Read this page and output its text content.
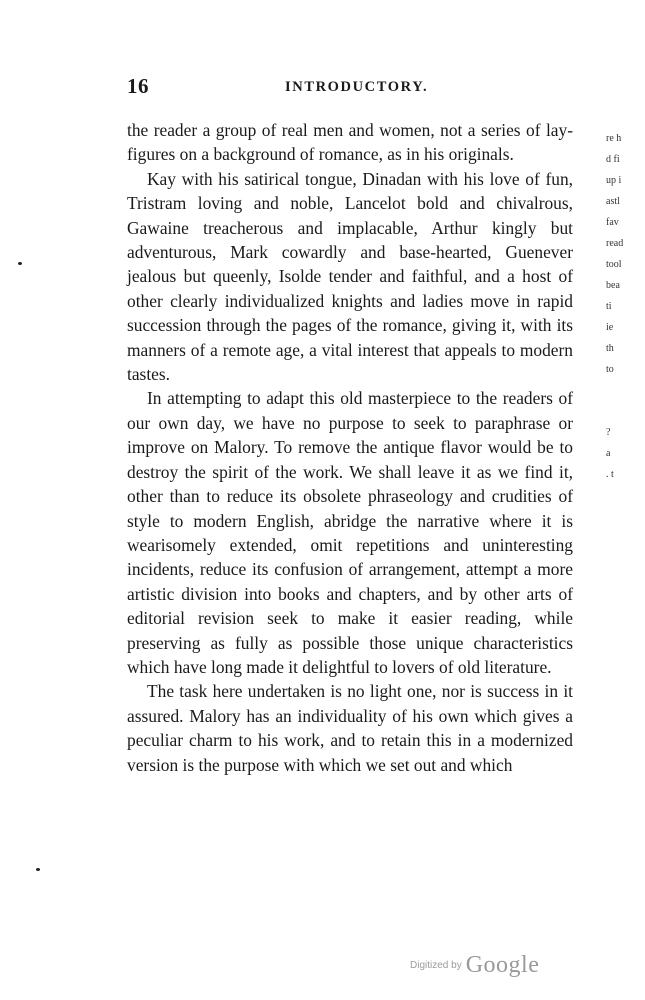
16	INTRODUCTORY.

the reader a group of real men and women, not a series of lay-figures on a background of romance, as in his originals.

Kay with his satirical tongue, Dinadan with his love of fun, Tristram loving and noble, Lancelot bold and chivalrous, Gawaine treacherous and implacable, Arthur kingly but adventurous, Mark cowardly and base-hearted, Guenever jealous but queenly, Isolde tender and faithful, and a host of other clearly individualized knights and ladies move in rapid succession through the pages of the romance, giving it, with its manners of a remote age, a vital interest that appeals to modern tastes.

In attempting to adapt this old masterpiece to the readers of our own day, we have no purpose to seek to paraphrase or improve on Malory. To remove the antique flavor would be to destroy the spirit of the work. We shall leave it as we find it, other than to reduce its obsolete phraseology and crudities of style to modern English, abridge the narrative where it is wearisomely extended, omit repetitions and uninteresting incidents, reduce its confusion of arrangement, attempt a more artistic division into books and chapters, and by other arts of editorial revision seek to make it easier reading, while preserving as fully as possible those unique characteristics which have long made it delightful to lovers of old literature.

The task here undertaken is no light one, nor is success in it assured. Malory has an individuality of his own which gives a peculiar charm to his work, and to retain this in a modernized version is the purpose with which we set out and which

re h
d fi
up i
astl
fav
read
tool
bea
ti
ie
th
to

?
a
. t
Digitized by Google
